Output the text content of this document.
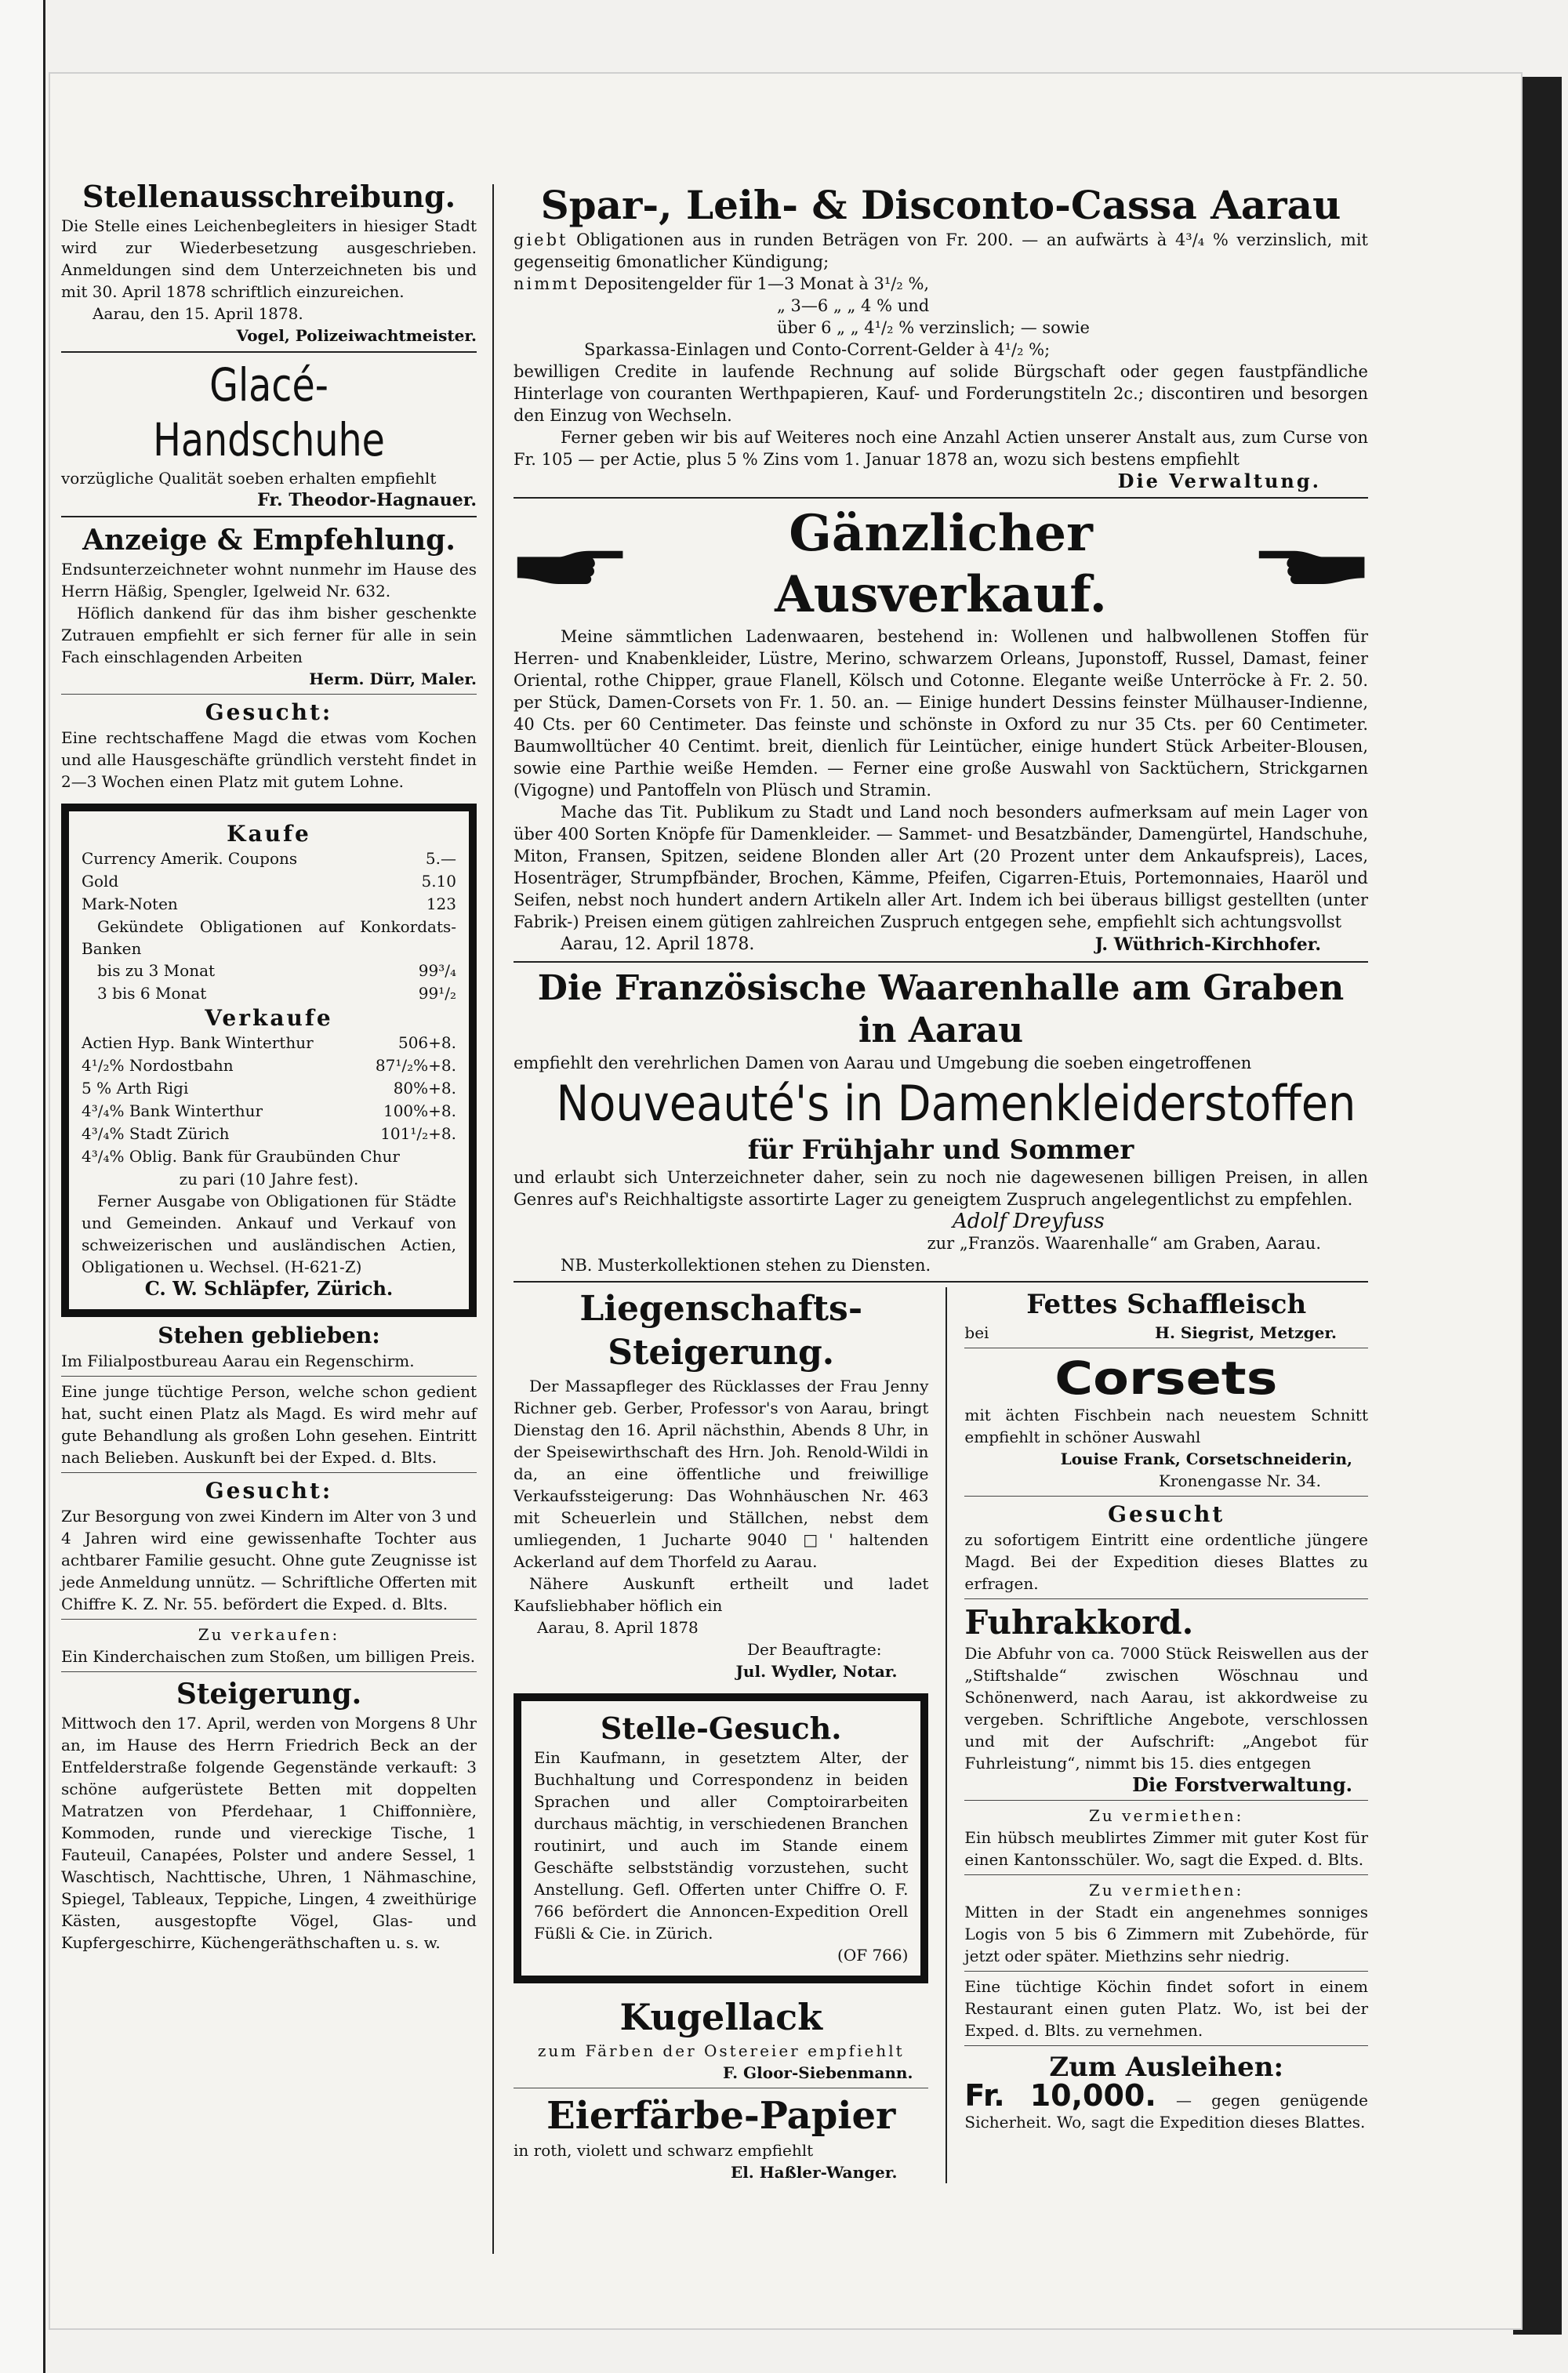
Stellenausschreibung.

Die Stelle eines Leichenbegleiters in hiesiger Stadt wird zur Wiederbesetzung ausgeschrieben. Anmeldungen sind dem Unterzeichneten bis und mit 30. April 1878 schriftlich einzureichen.

Aarau, den 15. April 1878.

Vogel, Polizeiwachtmeister.

Glacé-Handschuhe

vorzügliche Qualität soeben erhalten empfiehlt

Fr. Theodor-Hagnauer.

Anzeige & Empfehlung.

Endsunterzeichneter wohnt nunmehr im Hause des Herrn Häßig, Spengler, Igelweid Nr. 632.

Höflich dankend für das ihm bisher geschenkte Zutrauen empfiehlt er sich ferner für alle in sein Fach einschlagenden Arbeiten

Herm. Dürr, Maler.

Gesucht:

Eine rechtschaffene Magd die etwas vom Kochen und alle Hausgeschäfte gründlich versteht findet in 2—3 Wochen einen Platz mit gutem Lohne.

Kaufe
Currency Amerik. Coupons	5.—
Gold	5.10
Mark-Noten	123

Gekündete Obligationen auf Konkordats-Banken

bis zu 3 Monat	99³/₄
3 bis 6 Monat	99¹/₂
Verkaufe
Actien Hyp. Bank Winterthur	506+8.
4¹/₂% Nordostbahn	87¹/₂%+8.
5 % Arth Rigi	80%+8.
4³/₄% Bank Winterthur	100%+8.
4³/₄% Stadt Zürich	101¹/₂+8.
4³/₄% Oblig. Bank für Graubünden Chur

zu pari (10 Jahre fest).

Ferner Ausgabe von Obligationen für Städte und Gemeinden. Ankauf und Verkauf von schweizerischen und ausländischen Actien, Obligationen u. Wechsel. (H-621-Z)

C. W. Schläpfer, Zürich.

Stehen geblieben:

Im Filialpostbureau Aarau ein Regenschirm.

Eine junge tüchtige Person, welche schon gedient hat, sucht einen Platz als Magd. Es wird mehr auf gute Behandlung als großen Lohn gesehen. Eintritt nach Belieben. Auskunft bei der Exped. d. Blts.

Gesucht:

Zur Besorgung von zwei Kindern im Alter von 3 und 4 Jahren wird eine gewissenhafte Tochter aus achtbarer Familie gesucht. Ohne gute Zeugnisse ist jede Anmeldung unnütz. — Schriftliche Offerten mit Chiffre K. Z. Nr. 55. befördert die Exped. d. Blts.

Zu verkaufen:

Ein Kinderchaischen zum Stoßen, um billigen Preis.

Steigerung.

Mittwoch den 17. April, werden von Morgens 8 Uhr an, im Hause des Herrn Friedrich Beck an der Entfelderstraße folgende Gegenstände verkauft: 3 schöne aufgerüstete Betten mit doppelten Matratzen von Pferdehaar, 1 Chiffonnière, Kommoden, runde und viereckige Tische, 1 Fauteuil, Canapées, Polster und andere Sessel, 1 Waschtisch, Nachttische, Uhren, 1 Nähmaschine, Spiegel, Tableaux, Teppiche, Lingen, 4 zweithürige Kästen, ausgestopfte Vögel, Glas- und Kupfergeschirre, Küchengeräthschaften u. s. w.

Spar-, Leih- & Disconto-Cassa Aarau

giebt Obligationen aus in runden Beträgen von Fr. 200. — an aufwärts à 4³/₄ % verzinslich, mit gegenseitig 6monatlicher Kündigung;

nimmt Depositengelder für 1—3 Monat à 3¹/₂ %,

„ 3—6 „ „ 4 % und

über 6 „ „ 4¹/₂ % verzinslich; — sowie

Sparkassa-Einlagen und Conto-Corrent-Gelder à 4¹/₂ %;

bewilligen Credite in laufende Rechnung auf solide Bürgschaft oder gegen faustpfändliche Hinterlage von couranten Werthpapieren, Kauf- und Forderungstiteln 2c.; discontiren und besorgen den Einzug von Wechseln.

Ferner geben wir bis auf Weiteres noch eine Anzahl Actien unserer Anstalt aus, zum Curse von Fr. 105 — per Actie, plus 5 % Zins vom 1. Januar 1878 an, wozu sich bestens empfiehlt

Die Verwaltung.

Gänzlicher Ausverkauf.

Meine sämmtlichen Ladenwaaren, bestehend in: Wollenen und halbwollenen Stoffen für Herren- und Knabenkleider, Lüstre, Merino, schwarzem Orleans, Juponstoff, Russel, Damast, feiner Oriental, rothe Chipper, graue Flanell, Kölsch und Cotonne. Elegante weiße Unterröcke à Fr. 2. 50. per Stück, Damen-Corsets von Fr. 1. 50. an. — Einige hundert Dessins feinster Mülhauser-Indienne, 40 Cts. per 60 Centimeter. Das feinste und schönste in Oxford zu nur 35 Cts. per 60 Centimeter. Baumwolltücher 40 Centimt. breit, dienlich für Leintücher, einige hundert Stück Arbeiter-Blousen, sowie eine Parthie weiße Hemden. — Ferner eine große Auswahl von Sacktüchern, Strickgarnen (Vigogne) und Pantoffeln von Plüsch und Stramin.

Mache das Tit. Publikum zu Stadt und Land noch besonders aufmerksam auf mein Lager von über 400 Sorten Knöpfe für Damenkleider. — Sammet- und Besatzbänder, Damengürtel, Handschuhe, Miton, Fransen, Spitzen, seidene Blonden aller Art (20 Prozent unter dem Ankaufspreis), Laces, Hosenträger, Strumpfbänder, Brochen, Kämme, Pfeifen, Cigarren-Etuis, Portemonnaies, Haaröl und Seifen, nebst noch hundert andern Artikeln aller Art. Indem ich bei überaus billigst gestellten (unter Fabrik-) Preisen einem gütigen zahlreichen Zuspruch entgegen sehe, empfiehlt sich achtungsvollst

Aarau, 12. April 1878.	J. Wüthrich-Kirchhofer.
Die Französische Waarenhalle am Graben in Aarau

empfiehlt den verehrlichen Damen von Aarau und Umgebung die soeben eingetroffenen

Nouveauté's in Damenkleiderstoffen
für Frühjahr und Sommer

und erlaubt sich Unterzeichneter daher, sein zu noch nie dagewesenen billigen Preisen, in allen Genres auf's Reichhaltigste assortirte Lager zu geneigtem Zuspruch angelegentlichst zu empfehlen.

Adolf Dreyfuss

zur „Französ. Waarenhalle“ am Graben, Aarau.

NB. Musterkollektionen stehen zu Diensten.

Liegenschafts-Steigerung.

Der Massapfleger des Rücklasses der Frau Jenny Richner geb. Gerber, Professor's von Aarau, bringt Dienstag den 16. April nächsthin, Abends 8 Uhr, in der Speisewirthschaft des Hrn. Joh. Renold-Wildi in da, an eine öffentliche und freiwillige Verkaufssteigerung: Das Wohnhäuschen Nr. 463 mit Scheuerlein und Ställchen, nebst dem umliegenden, 1 Jucharte 9040 □' haltenden Ackerland auf dem Thorfeld zu Aarau.

Nähere Auskunft ertheilt und ladet Kaufsliebhaber höflich ein

Aarau, 8. April 1878

Der Beauftragte:

Jul. Wydler, Notar.

Stelle-Gesuch.

Ein Kaufmann, in gesetztem Alter, der Buchhaltung und Correspondenz in beiden Sprachen und aller Comptoirarbeiten durchaus mächtig, in verschiedenen Branchen routinirt, und auch im Stande einem Geschäfte selbstständig vorzustehen, sucht Anstellung. Gefl. Offerten unter Chiffre O. F. 766 befördert die Annoncen-Expedition Orell Füßli & Cie. in Zürich.

(OF 766)

Kugellack

zum Färben der Ostereier empfiehlt

F. Gloor-Siebenmann.

Eierfärbe-Papier

in roth, violett und schwarz empfiehlt

El. Haßler-Wanger.

Fettes Schaffleisch
bei	H. Siegrist, Metzger.
Corsets

mit ächten Fischbein nach neuestem Schnitt empfiehlt in schöner Auswahl

Louise Frank, Corsetschneiderin,

Kronengasse Nr. 34.

Gesucht

zu sofortigem Eintritt eine ordentliche jüngere Magd. Bei der Expedition dieses Blattes zu erfragen.

Fuhrakkord.

Die Abfuhr von ca. 7000 Stück Reiswellen aus der „Stiftshalde“ zwischen Wöschnau und Schönenwerd, nach Aarau, ist akkordweise zu vergeben. Schriftliche Angebote, verschlossen und mit der Aufschrift: „Angebot für Fuhrleistung“, nimmt bis 15. dies entgegen

Die Forstverwaltung.

Zu vermiethen:

Ein hübsch meublirtes Zimmer mit guter Kost für einen Kantonsschüler. Wo, sagt die Exped. d. Blts.

Zu vermiethen:

Mitten in der Stadt ein angenehmes sonniges Logis von 5 bis 6 Zimmern mit Zubehörde, für jetzt oder später. Miethzins sehr niedrig.

Eine tüchtige Köchin findet sofort in einem Restaurant einen guten Platz. Wo, ist bei der Exped. d. Blts. zu vernehmen.

Zum Ausleihen:

Fr. 10,000. — gegen genügende Sicherheit. Wo, sagt die Expedition dieses Blattes.
